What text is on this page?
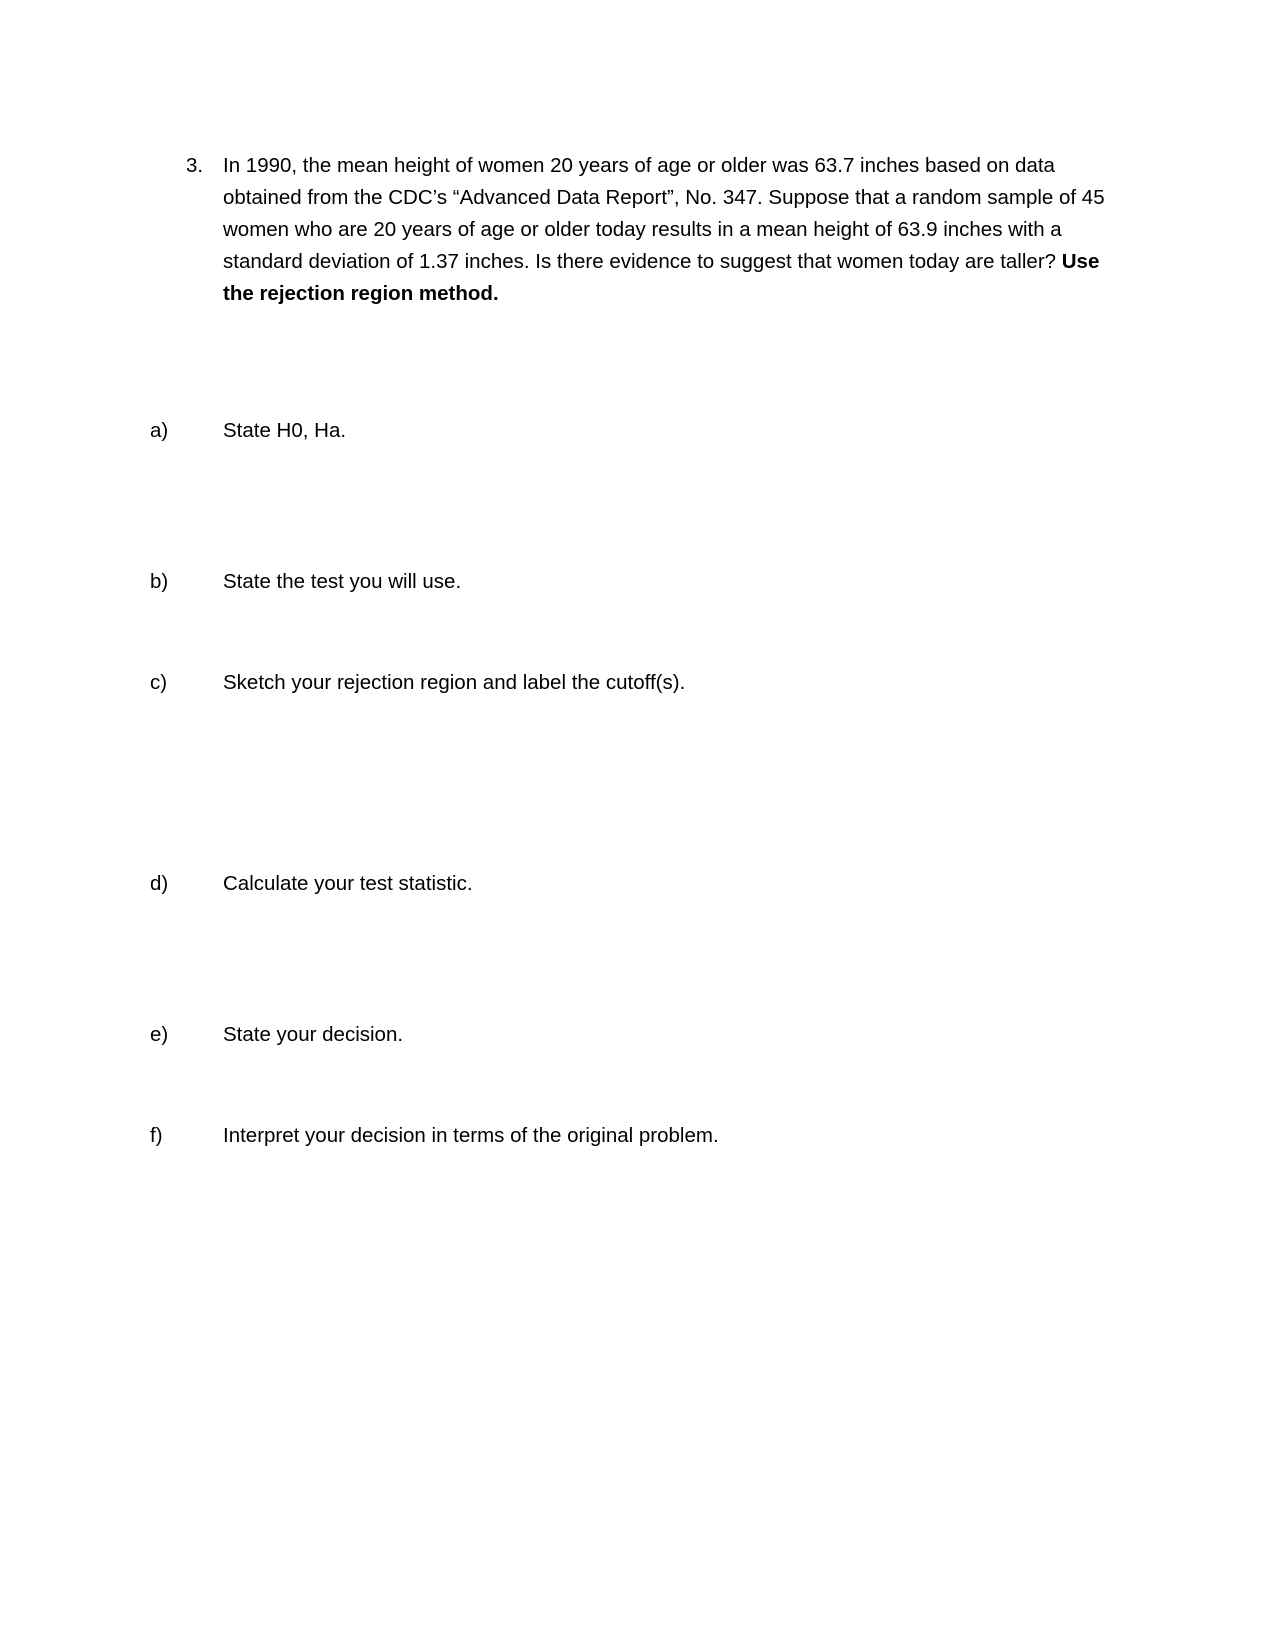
3. In 1990, the mean height of women 20 years of age or older was 63.7 inches based on data obtained from the CDC’s “Advanced Data Report”, No. 347. Suppose that a random sample of 45 women who are 20 years of age or older today results in a mean height of 63.9 inches with a standard deviation of 1.37 inches. Is there evidence to suggest that women today are taller? Use the rejection region method.
a)	State H0, Ha.
b)	State the test you will use.
c)	Sketch your rejection region and label the cutoff(s).
d)	Calculate your test statistic.
e)	State your decision.
f)	Interpret your decision in terms of the original problem.
